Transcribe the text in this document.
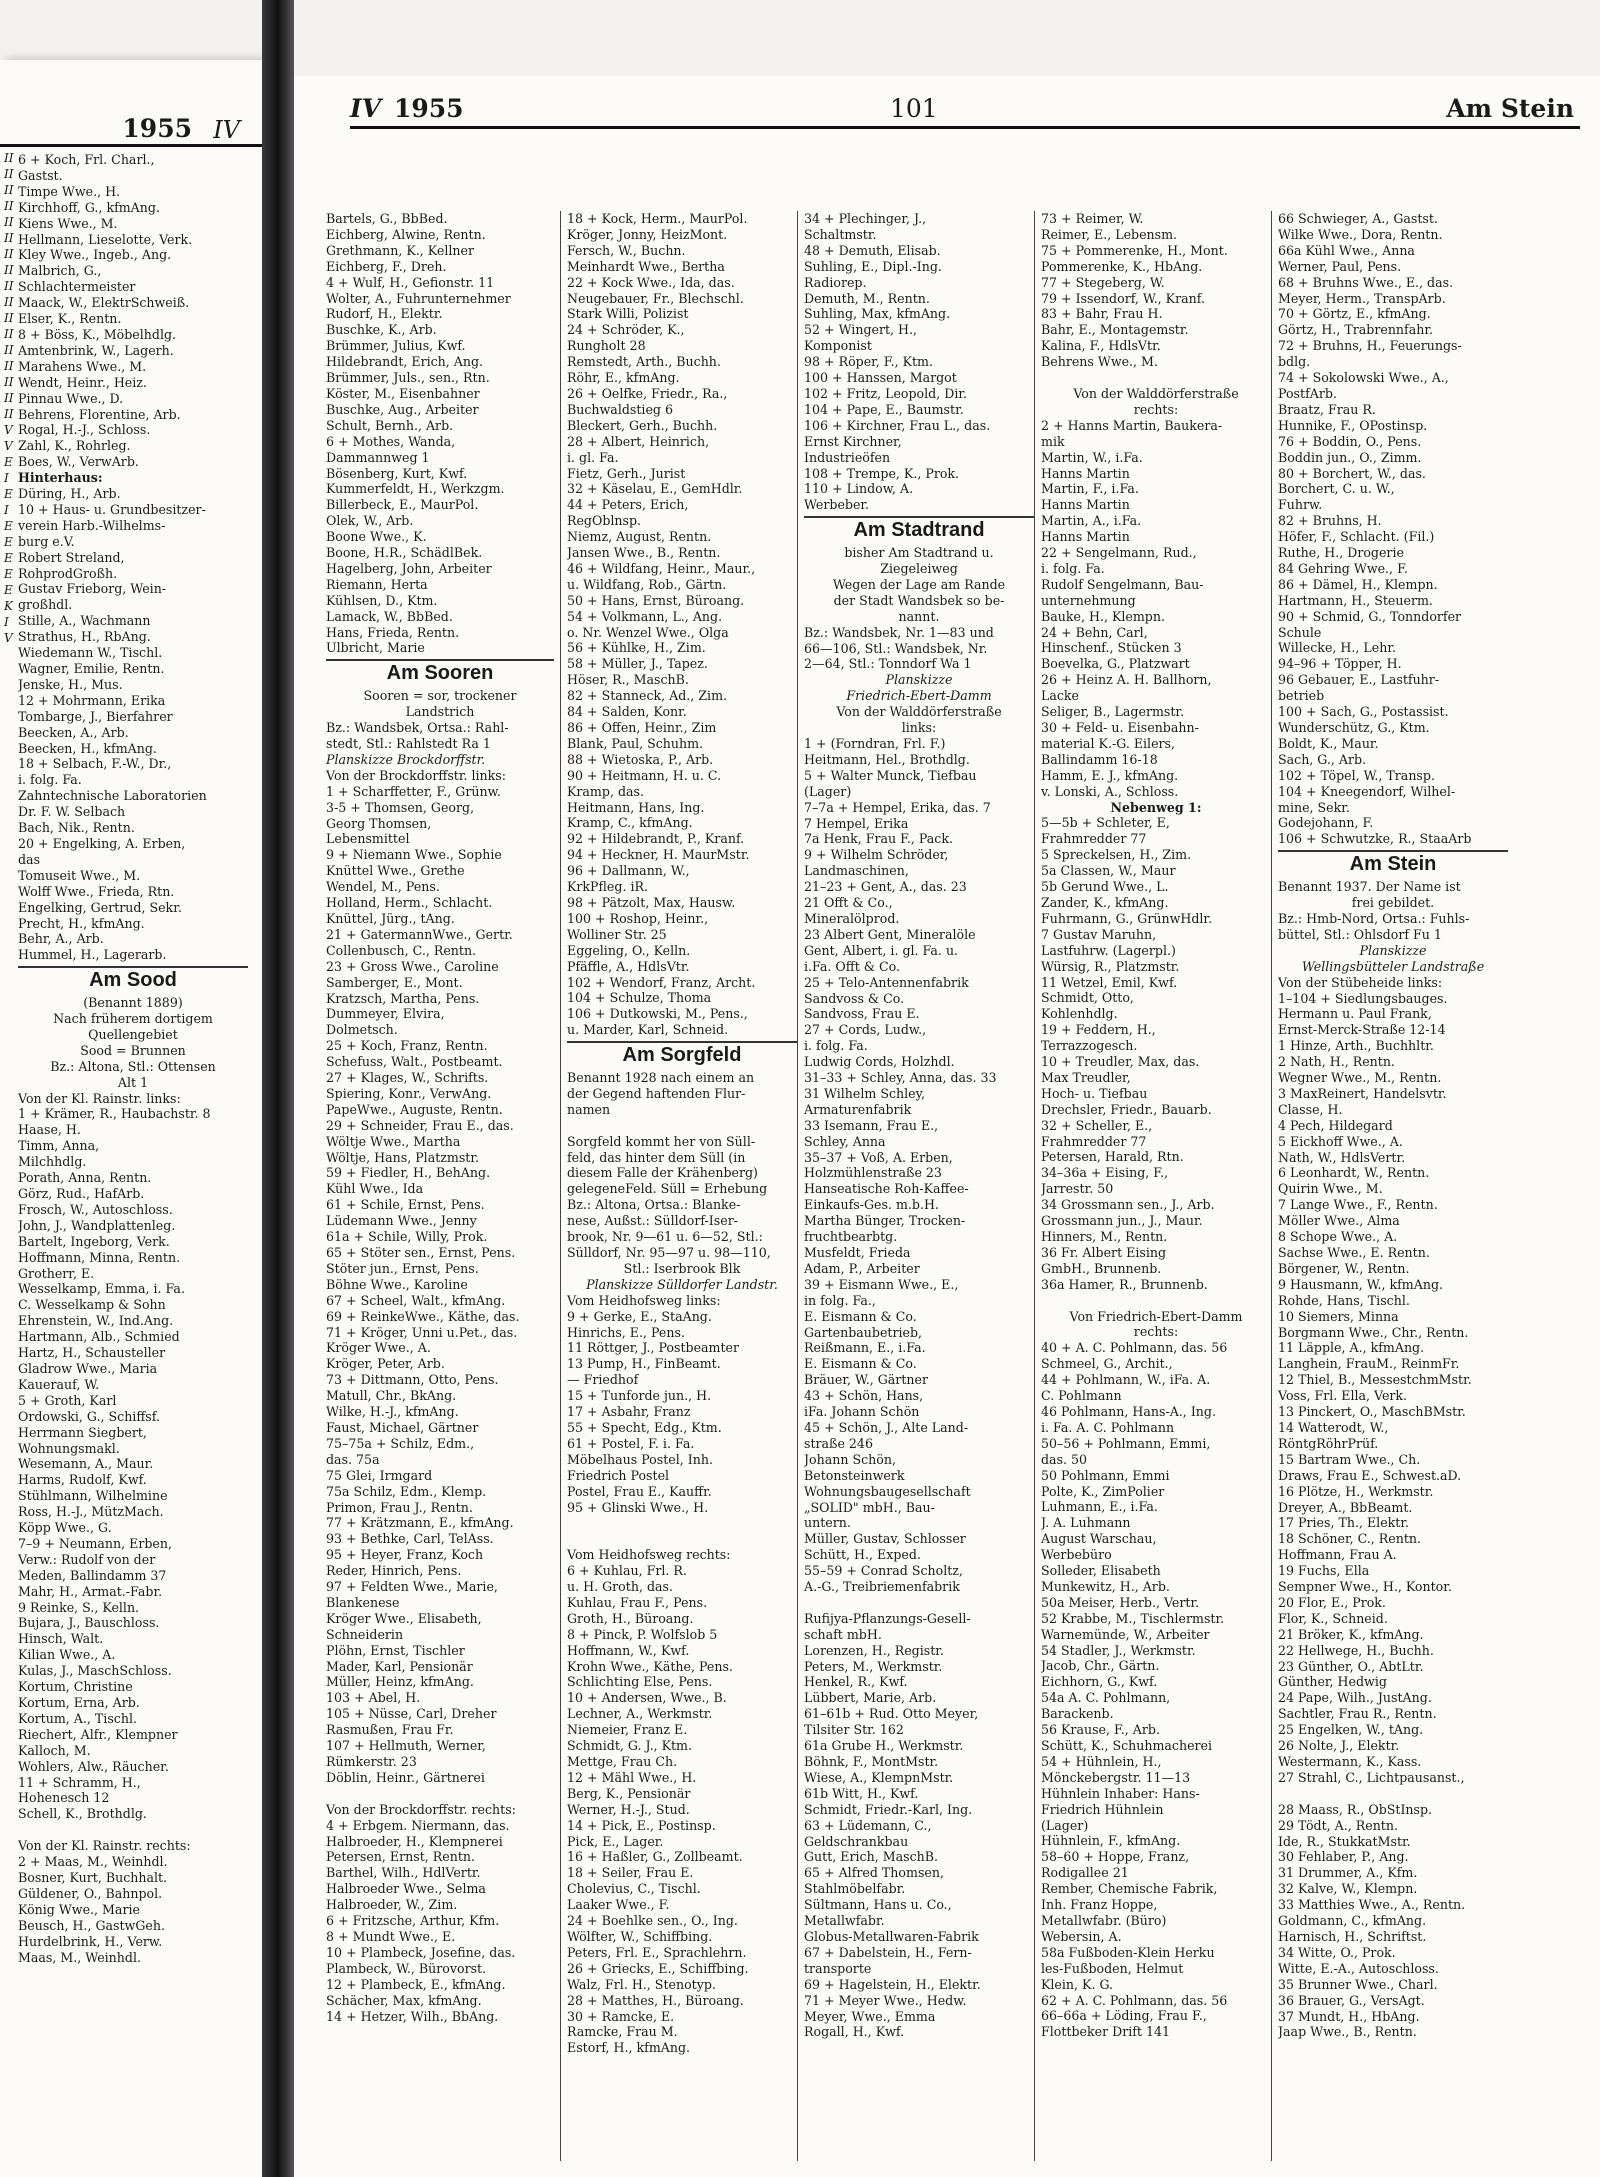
1955 IV
II
II
II
II
II
II
II
II
II
II
II
II
II
II
II
II
II
V
V
E
I
E
I
E
E
E
E
E
K
I
V
6 + Koch, Frl. Charl.,
Gastst.
Timpe Wwe., H.
Kirchhoff, G., kfmAng.
Kiens Wwe., M.
Hellmann, Lieselotte, Verk.
Kley Wwe., Ingeb., Ang.
Malbrich, G.,
Schlachtermeister
Maack, W., ElektrSchweiß.
Elser, K., Rentn.
8 + Böss, K., Möbelhdlg.
Amtenbrink, W., Lagerh.
Marahens Wwe., M.
Wendt, Heinr., Heiz.
Pinnau Wwe., D.
Behrens, Florentine, Arb.
Rogal, H.-J., Schloss.
Zahl, K., Rohrleg.
Boes, W., VerwArb.
Hinterhaus:
Düring, H., Arb.
10 + Haus- u. Grundbesitzer-
verein Harb.-Wilhelms-
burg e.V.
Robert Streland,
RohprodGroßh.
Gustav Frieborg, Wein-
großhdl.
Stille, A., Wachmann
Strathus, H., RbAng.
Wiedemann W., Tischl.
Wagner, Emilie, Rentn.
Jenske, H., Mus.
12 + Mohrmann, Erika
Tombarge, J., Bierfahrer
Beecken, A., Arb.
Beecken, H., kfmAng.
18 + Selbach, F.-W., Dr.,
i. folg. Fa.
Zahntechnische Laboratorien
Dr. F. W. Selbach
Bach, Nik., Rentn.
20 + Engelking, A. Erben,
das
Tomuseit Wwe., M.
Wolff Wwe., Frieda, Rtn.
Engelking, Gertrud, Sekr.
Precht, H., kfmAng.
Behr, A., Arb.
Hummel, H., Lagerarb.
Am Sood
(Benannt 1889)
Nach früherem dortigem
Quellengebiet
Sood = Brunnen
Bz.: Altona, Stl.: Ottensen
Alt 1
Von der Kl. Rainstr. links:
1 + Krämer, R., Haubachstr. 8
Haase, H.
Timm, Anna,
Milchhdlg.
Porath, Anna, Rentn.
Görz, Rud., HafArb.
Frosch, W., Autoschloss.
John, J., Wandplattenleg.
Bartelt, Ingeborg, Verk.
Hoffmann, Minna, Rentn.
Grotherr, E.
Wesselkamp, Emma, i. Fa.
C. Wesselkamp & Sohn
Ehrenstein, W., Ind.Ang.
Hartmann, Alb., Schmied
Hartz, H., Schausteller
Gladrow Wwe., Maria
Kauerauf, W.
5 + Groth, Karl
Ordowski, G., Schiffsf.
Herrmann Siegbert,
Wohnungsmakl.
Wesemann, A., Maur.
Harms, Rudolf, Kwf.
Stühlmann, Wilhelmine
Ross, H.-J., MützMach.
Köpp Wwe., G.
7–9 + Neumann, Erben,
Verw.: Rudolf von der
Meden, Ballindamm 37
Mahr, H., Armat.-Fabr.
9 Reinke, S., Kelln.
Bujara, J., Bauschloss.
Hinsch, Walt.
Kilian Wwe., A.
Kulas, J., MaschSchloss.
Kortum, Christine
Kortum, Erna, Arb.
Kortum, A., Tischl.
Riechert, Alfr., Klempner
Kalloch, M.
Wohlers, Alw., Räucher.
11 + Schramm, H.,
Hohenesch 12
Schell, K., Brothdlg.

Von der Kl. Rainstr. rechts:
2 + Maas, M., Weinhdl.
Bosner, Kurt, Buchhalt.
Güldener, O., Bahnpol.
König Wwe., Marie
Beusch, H., GastwGeh.
Hurdelbrink, H., Verw.
Maas, M., Weinhdl.
IV 1955	101	Am Stein
Bartels, G., BbBed.
Eichberg, Alwine, Rentn.
Grethmann, K., Kellner
Eichberg, F., Dreh.
4 + Wulf, H., Gefionstr. 11
Wolter, A., Fuhrunternehmer
Rudorf, H., Elektr.
Buschke, K., Arb.
Brümmer, Julius, Kwf.
Hildebrandt, Erich, Ang.
Brümmer, Juls., sen., Rtn.
Köster, M., Eisenbahner
Buschke, Aug., Arbeiter
Schult, Bernh., Arb.
6 + Mothes, Wanda,
Dammannweg 1
Bösenberg, Kurt, Kwf.
Kummerfeldt, H., Werkzgm.
Billerbeck, E., MaurPol.
Olek, W., Arb.
Boone Wwe., K.
Boone, H.R., SchädlBek.
Hagelberg, John, Arbeiter
Riemann, Herta
Kühlsen, D., Ktm.
Lamack, W., BbBed.
Hans, Frieda, Rentn.
Ulbricht, Marie
Am Sooren
Sooren = sor, trockener
Landstrich
Bz.: Wandsbek, Ortsa.: Rahl-
stedt, Stl.: Rahlstedt Ra 1
Planskizze Brockdorffstr.
Von der Brockdorffstr. links:
1 + Scharffetter, F., Grünw.
3-5 + Thomsen, Georg,
Georg Thomsen,
Lebensmittel
9 + Niemann Wwe., Sophie
Knüttel Wwe., Grethe
Wendel, M., Pens.
Holland, Herm., Schlacht.
Knüttel, Jürg., tAng.
21 + GatermannWwe., Gertr.
Collenbusch, C., Rentn.
23 + Gross Wwe., Caroline
Samberger, E., Mont.
Kratzsch, Martha, Pens.
Dummeyer, Elvira,
Dolmetsch.
25 + Koch, Franz, Rentn.
Schefuss, Walt., Postbeamt.
27 + Klages, W., Schrifts.
Spiering, Konr., VerwAng.
PapeWwe., Auguste, Rentn.
29 + Schneider, Frau E., das.
Wöltje Wwe., Martha
Wöltje, Hans, Platzmstr.
59 + Fiedler, H., BehAng.
Kühl Wwe., Ida
61 + Schile, Ernst, Pens.
Lüdemann Wwe., Jenny
61a + Schile, Willy, Prok.
65 + Stöter sen., Ernst, Pens.
Stöter jun., Ernst, Pens.
Böhne Wwe., Karoline
67 + Scheel, Walt., kfmAng.
69 + ReinkeWwe., Käthe, das.
71 + Kröger, Unni u.Pet., das.
Kröger Wwe., A.
Kröger, Peter, Arb.
73 + Dittmann, Otto, Pens.
Matull, Chr., BkAng.
Wilke, H.-J., kfmAng.
Faust, Michael, Gärtner
75–75a + Schilz, Edm.,
das. 75a
75 Glei, Irmgard
75a Schilz, Edm., Klemp.
Primon, Frau J., Rentn.
77 + Krätzmann, E., kfmAng.
93 + Bethke, Carl, TelAss.
95 + Heyer, Franz, Koch
Reder, Hinrich, Pens.
97 + Feldten Wwe., Marie,
Blankenese
Kröger Wwe., Elisabeth,
Schneiderin
Plöhn, Ernst, Tischler
Mader, Karl, Pensionär
Müller, Heinz, kfmAng.
103 + Abel, H.
105 + Nüsse, Carl, Dreher
Rasmußen, Frau Fr.
107 + Hellmuth, Werner,
Rümkerstr. 23
Döblin, Heinr., Gärtnerei

Von der Brockdorffstr. rechts:
4 + Erbgem. Niermann, das.
Halbroeder, H., Klempnerei
Petersen, Ernst, Rentn.
Barthel, Wilh., HdlVertr.
Halbroeder Wwe., Selma
Halbroeder, W., Zim.
6 + Fritzsche, Arthur, Kfm.
8 + Mundt Wwe., E.
10 + Plambeck, Josefine, das.
Plambeck, W., Bürovorst.
12 + Plambeck, E., kfmAng.
Schächer, Max, kfmAng.
14 + Hetzer, Wilh., BbAng.
18 + Kock, Herm., MaurPol.
Kröger, Jonny, HeizMont.
Fersch, W., Buchn.
Meinhardt Wwe., Bertha
22 + Kock Wwe., Ida, das.
Neugebauer, Fr., Blechschl.
Stark Willi, Polizist
24 + Schröder, K.,
Rungholt 28
Remstedt, Arth., Buchh.
Röhr, E., kfmAng.
26 + Oelfke, Friedr., Ra.,
Buchwaldstieg 6
Bleckert, Gerh., Buchh.
28 + Albert, Heinrich,
i. gl. Fa.
Fietz, Gerh., Jurist
32 + Käselau, E., GemHdlr.
44 + Peters, Erich,
RegOblnsp.
Niemz, August, Rentn.
Jansen Wwe., B., Rentn.
46 + Wildfang, Heinr., Maur.,
u. Wildfang, Rob., Gärtn.
50 + Hans, Ernst, Büroang.
54 + Volkmann, L., Ang.
o. Nr. Wenzel Wwe., Olga
56 + Kühlke, H., Zim.
58 + Müller, J., Tapez.
Höser, R., MaschB.
82 + Stanneck, Ad., Zim.
84 + Salden, Konr.
86 + Offen, Heinr., Zim
Blank, Paul, Schuhm.
88 + Wietoska, P., Arb.
90 + Heitmann, H. u. C.
Kramp, das.
Heitmann, Hans, Ing.
Kramp, C., kfmAng.
92 + Hildebrandt, P., Kranf.
94 + Heckner, H. MaurMstr.
96 + Dallmann, W.,
KrkPfleg. iR.
98 + Pätzolt, Max, Hausw.
100 + Roshop, Heinr.,
Wolliner Str. 25
Eggeling, O., Kelln.
Pfäffle, A., HdlsVtr.
102 + Wendorf, Franz, Archt.
104 + Schulze, Thoma
106 + Dutkowski, M., Pens.,
u. Marder, Karl, Schneid.
Am Sorgfeld
Benannt 1928 nach einem an
der Gegend haftenden Flur-
namen

Sorgfeld kommt her von Süll-
feld, das hinter dem Süll (in
diesem Falle der Krähenberg)
gelegeneFeld. Süll = Erhebung
Bz.: Altona, Ortsa.: Blanke-
nese, Außst.: Sülldorf-Iser-
brook, Nr. 9—61 u. 6—52, Stl.:
Sülldorf, Nr. 95—97 u. 98—110,
Stl.: Iserbrook Blk
Planskizze Sülldorfer Landstr.
Vom Heidhofsweg links:
9 + Gerke, E., StaAng.
Hinrichs, E., Pens.
11 Röttger, J., Postbeamter
13 Pump, H., FinBeamt.
— Friedhof
15 + Tunforde jun., H.
17 + Asbahr, Franz
55 + Specht, Edg., Ktm.
61 + Postel, F. i. Fa.
Möbelhaus Postel, Inh.
Friedrich Postel
Postel, Frau E., Kauffr.
95 + Glinski Wwe., H.

Vom Heidhofsweg rechts:
6 + Kuhlau, Frl. R.
u. H. Groth, das.
Kuhlau, Frau F., Pens.
Groth, H., Büroang.
8 + Pinck, P. Wolfslob 5
Hoffmann, W., Kwf.
Krohn Wwe., Käthe, Pens.
Schlichting Else, Pens.
10 + Andersen, Wwe., B.
Lechner, A., Werkmstr.
Niemeier, Franz E.
Schmidt, G. J., Ktm.
Mettge, Frau Ch.
12 + Mähl Wwe., H.
Berg, K., Pensionär
Werner, H.-J., Stud.
14 + Pick, E., Postinsp.
Pick, E., Lager.
16 + Haßler, G., Zollbeamt.
18 + Seiler, Frau E.
Cholevius, C., Tischl.
Laaker Wwe., F.
24 + Boehlke sen., O., Ing.
Wölfter, W., Schiffbing.
Peters, Frl. E., Sprachlehrn.
26 + Griecks, E., Schiffbing.
Walz, Frl. H., Stenotyp.
28 + Matthes, H., Büroang.
30 + Ramcke, E.
Ramcke, Frau M.
Estorf, H., kfmAng.
34 + Plechinger, J.,
Schaltmstr.
48 + Demuth, Elisab.
Suhling, E., Dipl.-Ing.
Radiorep.
Demuth, M., Rentn.
Suhling, Max, kfmAng.
52 + Wingert, H.,
Komponist
98 + Röper, F., Ktm.
100 + Hanssen, Margot
102 + Fritz, Leopold, Dir.
104 + Pape, E., Baumstr.
106 + Kirchner, Frau L., das.
Ernst Kirchner,
Industrieöfen
108 + Trempe, K., Prok.
110 + Lindow, A.
Werbeber.
Am Stadtrand
bisher Am Stadtrand u.
Ziegeleiweg
Wegen der Lage am Rande
der Stadt Wandsbek so be-
nannt.
Bz.: Wandsbek, Nr. 1—83 und
66—106, Stl.: Wandsbek, Nr.
2—64, Stl.: Tonndorf Wa 1
Planskizze
Friedrich-Ebert-Damm
Von der Walddörferstraße
links:
1 + (Forndran, Frl. F.)
Heitmann, Hel., Brothdlg.
5 + Walter Munck, Tiefbau
(Lager)
7–7a + Hempel, Erika, das. 7
7 Hempel, Erika
7a Henk, Frau F., Pack.
9 + Wilhelm Schröder,
Landmaschinen,
21–23 + Gent, A., das. 23
21 Offt & Co.,
Mineralölprod.
23 Albert Gent, Mineralöle
Gent, Albert, i. gl. Fa. u.
i.Fa. Offt & Co.
25 + Telo-Antennenfabrik
Sandvoss & Co.
Sandvoss, Frau E.
27 + Cords, Ludw.,
i. folg. Fa.
Ludwig Cords, Holzhdl.
31–33 + Schley, Anna, das. 33
31 Wilhelm Schley,
Armaturenfabrik
33 Isemann, Frau E.,
Schley, Anna
35–37 + Voß, A. Erben,
Holzmühlenstraße 23
Hanseatische Roh-Kaffee-
Einkaufs-Ges. m.b.H.
Martha Bünger, Trocken-
fruchtbearbtg.
Musfeldt, Frieda
Adam, P., Arbeiter
39 + Eismann Wwe., E.,
in folg. Fa.,
E. Eismann & Co.
Gartenbaubetrieb,
Reißmann, E., i.Fa.
E. Eismann & Co.
Bräuer, W., Gärtner
43 + Schön, Hans,
iFa. Johann Schön
45 + Schön, J., Alte Land-
straße 246
Johann Schön,
Betonsteinwerk
Wohnungsbaugesellschaft
„SOLID" mbH., Bau-
untern.
Müller, Gustav, Schlosser
Schütt, H., Exped.
55–59 + Conrad Scholtz,
A.-G., Treibriemenfabrik

Rufijya-Pflanzungs-Gesell-
schaft mbH.
Lorenzen, H., Registr.
Peters, M., Werkmstr.
Henkel, R., Kwf.
Lübbert, Marie, Arb.
61–61b + Rud. Otto Meyer,
Tilsiter Str. 162
61a Grube H., Werkmstr.
Böhnk, F., MontMstr.
Wiese, A., KlempnMstr.
61b Witt, H., Kwf.
Schmidt, Friedr.-Karl, Ing.
63 + Lüdemann, C.,
Geldschrankbau
Gutt, Erich, MaschB.
65 + Alfred Thomsen,
Stahlmöbelfabr.
Sültmann, Hans u. Co.,
Metallwfabr.
Globus-Metallwaren-Fabrik
67 + Dabelstein, H., Fern-
transporte
69 + Hagelstein, H., Elektr.
71 + Meyer Wwe., Hedw.
Meyer, Wwe., Emma
Rogall, H., Kwf.
73 + Reimer, W.
Reimer, E., Lebensm.
75 + Pommerenke, H., Mont.
Pommerenke, K., HbAng.
77 + Stegeberg, W.
79 + Issendorf, W., Kranf.
83 + Bahr, Frau H.
Bahr, E., Montagemstr.
Kalina, F., HdlsVtr.
Behrens Wwe., M.

Von der Walddörferstraße
rechts:
2 + Hanns Martin, Baukera-
mik
Martin, W., i.Fa.
Hanns Martin
Martin, F., i.Fa.
Hanns Martin
Martin, A., i.Fa.
Hanns Martin
22 + Sengelmann, Rud.,
i. folg. Fa.
Rudolf Sengelmann, Bau-
unternehmung
Bauke, H., Klempn.
24 + Behn, Carl,
Hinschenf., Stücken 3
Boevelka, G., Platzwart
26 + Heinz A. H. Ballhorn,
Lacke
Seliger, B., Lagermstr.
30 + Feld- u. Eisenbahn-
material K.-G. Eilers,
Ballindamm 16-18
Hamm, E. J., kfmAng.
v. Lonski, A., Schloss.
Nebenweg 1:
5—5b + Schleter, E,
Frahmredder 77
5 Spreckelsen, H., Zim.
5a Classen, W., Maur
5b Gerund Wwe., L.
Zander, K., kfmAng.
Fuhrmann, G., GrünwHdlr.
7 Gustav Maruhn,
Lastfuhrw. (Lagerpl.)
Würsig, R., Platzmstr.
11 Wetzel, Emil, Kwf.
Schmidt, Otto,
Kohlenhdlg.
19 + Feddern, H.,
Terrazzogesch.
10 + Treudler, Max, das.
Max Treudler,
Hoch- u. Tiefbau
Drechsler, Friedr., Bauarb.
32 + Scheller, E.,
Frahmredder 77
Petersen, Harald, Rtn.
34–36a + Eising, F.,
Jarrestr. 50
34 Grossmann sen., J., Arb.
Grossmann jun., J., Maur.
Hinners, M., Rentn.
36 Fr. Albert Eising
GmbH., Brunnenb.
36a Hamer, R., Brunnenb.

Von Friedrich-Ebert-Damm
rechts:
40 + A. C. Pohlmann, das. 56
Schmeel, G., Archit.,
44 + Pohlmann, W., iFa. A.
C. Pohlmann
46 Pohlmann, Hans-A., Ing.
i. Fa. A. C. Pohlmann
50–56 + Pohlmann, Emmi,
das. 50
50 Pohlmann, Emmi
Polte, K., ZimPolier
Luhmann, E., i.Fa.
J. A. Luhmann
August Warschau,
Werbebüro
Solleder, Elisabeth
Munkewitz, H., Arb.
50a Meiser, Herb., Vertr.
52 Krabbe, M., Tischlermstr.
Warnemünde, W., Arbeiter
54 Stadler, J., Werkmstr.
Jacob, Chr., Gärtn.
Eichhorn, G., Kwf.
54a A. C. Pohlmann,
Barackenb.
56 Krause, F., Arb.
Schütt, K., Schuhmacherei
54 + Hühnlein, H.,
Mönckebergstr. 11—13
Hühnlein Inhaber: Hans-
Friedrich Hühnlein
(Lager)
Hühnlein, F., kfmAng.
58–60 + Hoppe, Franz,
Rodigallee 21
Rember, Chemische Fabrik,
Inh. Franz Hoppe,
Metallwfabr. (Büro)
Webersin, A.
58a Fußboden-Klein Herku
les-Fußboden, Helmut
Klein, K. G.
62 + A. C. Pohlmann, das. 56
66–66a + Löding, Frau F.,
Flottbeker Drift 141
66 Schwieger, A., Gastst.
Wilke Wwe., Dora, Rentn.
66a Kühl Wwe., Anna
Werner, Paul, Pens.
68 + Bruhns Wwe., E., das.
Meyer, Herm., TranspArb.
70 + Görtz, E., kfmAng.
Görtz, H., Trabrennfahr.
72 + Bruhns, H., Feuerungs-
bdlg.
74 + Sokolowski Wwe., A.,
PostfArb.
Braatz, Frau R.
Hunnike, F., OPostinsp.
76 + Boddin, O., Pens.
Boddin jun., O., Zimm.
80 + Borchert, W., das.
Borchert, C. u. W.,
Fuhrw.
82 + Bruhns, H.
Höfer, F., Schlacht. (Fil.)
Ruthe, H., Drogerie
84 Gehring Wwe., F.
86 + Dämel, H., Klempn.
Hartmann, H., Steuerm.
90 + Schmid, G., Tonndorfer
Schule
Willecke, H., Lehr.
94–96 + Töpper, H.
96 Gebauer, E., Lastfuhr-
betrieb
100 + Sach, G., Postassist.
Wunderschütz, G., Ktm.
Boldt, K., Maur.
Sach, G., Arb.
102 + Töpel, W., Transp.
104 + Kneegendorf, Wilhel-
mine, Sekr.
Godejohann, F.
106 + Schwutzke, R., StaaArb
Am Stein
Benannt 1937. Der Name ist
frei gebildet.
Bz.: Hmb-Nord, Ortsa.: Fuhls-
büttel, Stl.: Ohlsdorf Fu 1
Planskizze
Wellingsbütteler Landstraße
Von der Stübeheide links:
1–104 + Siedlungsbauges.
Hermann u. Paul Frank,
Ernst-Merck-Straße 12-14
1 Hinze, Arth., Buchhltr.
2 Nath, H., Rentn.
Wegner Wwe., M., Rentn.
3 MaxReinert, Handelsvtr.
Classe, H.
4 Pech, Hildegard
5 Eickhoff Wwe., A.
Nath, W., HdlsVertr.
6 Leonhardt, W., Rentn.
Quirin Wwe., M.
7 Lange Wwe., F., Rentn.
Möller Wwe., Alma
8 Schope Wwe., A.
Sachse Wwe., E. Rentn.
Börgener, W., Rentn.
9 Hausmann, W., kfmAng.
Rohde, Hans, Tischl.
10 Siemers, Minna
Borgmann Wwe., Chr., Rentn.
11 Läpple, A., kfmAng.
Langhein, FrauM., ReinmFr.
12 Thiel, B., MessestchmMstr.
Voss, Frl. Ella, Verk.
13 Pinckert, O., MaschBMstr.
14 Watterodt, W.,
RöntgRöhrPrüf.
15 Bartram Wwe., Ch.
Draws, Frau E., Schwest.aD.
16 Plötze, H., Werkmstr.
Dreyer, A., BbBeamt.
17 Pries, Th., Elektr.
18 Schöner, C., Rentn.
Hoffmann, Frau A.
19 Fuchs, Ella
Sempner Wwe., H., Kontor.
20 Flor, E., Prok.
Flor, K., Schneid.
21 Bröker, K., kfmAng.
22 Hellwege, H., Buchh.
23 Günther, O., AbtLtr.
Günther, Hedwig
24 Pape, Wilh., JustAng.
Sachtler, Frau R., Rentn.
25 Engelken, W., tAng.
26 Nolte, J., Elektr.
Westermann, K., Kass.
27 Strahl, C., Lichtpausanst.,

28 Maass, R., ObStInsp.
29 Tödt, A., Rentn.
Ide, R., StukkatMstr.
30 Fehlaber, P., Ang.
31 Drummer, A., Kfm.
32 Kalve, W., Klempn.
33 Matthies Wwe., A., Rentn.
Goldmann, C., kfmAng.
Harnisch, H., Schriftst.
34 Witte, O., Prok.
Witte, E.-A., Autoschloss.
35 Brunner Wwe., Charl.
36 Brauer, G., VersAgt.
37 Mundt, H., HbAng.
Jaap Wwe., B., Rentn.
